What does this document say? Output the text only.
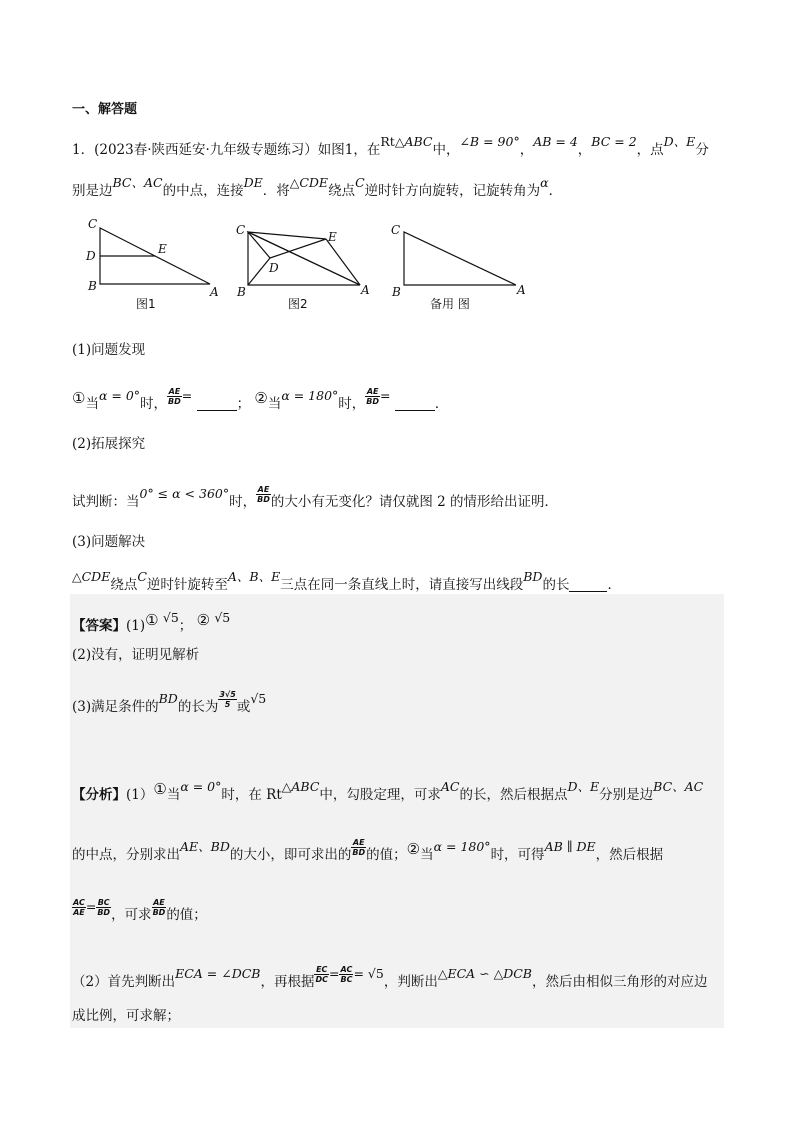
一、解答题
1．(2023春·陕西延安·九年级专题练习）如图1，在Rt△ABC中，∠B = 90°，AB = 4，BC = 2，点D、E分
别是边BC、AC的中点，连接DE．将△CDE绕点C逆时针方向旋转，记旋转角为α．
C
D	E
B	A
图1
C
D
E
B	A
图2
C
B	A
备用 图
(1)问题发现
①当α = 0°时， $\frac{AE}{BD}$ = ； ②当α = 180°时， $\frac{AE}{BD}$ = ．
(2)拓展探究
试判断：当0° ≤ α < 360°时， $\frac{AE}{BD}$ 的大小有无变化？请仅就图 2 的情形给出证明．
(3)问题解决
△CDE绕点C逆时针旋转至A、B、E三点在同一条直线上时，请直接写出线段BD的长	．
【答案】(1)① √5； ② √5
(2)没有，证明见解析
(3)满足条件的BD的长为 $\frac{3√5}{5}$ 或√5
【分析】(1）①当α = 0°时，在 Rt△ABC中，勾股定理，可求AC的长，然后根据点D、E分别是边BC、AC
的中点，分别求出AE、BD的大小，即可求出的 $\frac{AE}{BD}$ 的值；②当α = 180°时，可得AB ∥ DE，然后根据
$\frac{AC}{AE} = \frac{BC}{BD}$ ，可求 $\frac{AE}{BD}$ 的值；
（2）首先判断出ECA = ∠DCB，再根据 $\frac{EC}{DC} = \frac{AC}{BC} = √5$，判断出△ECA ∽ △DCB，然后由相似三角形的对应边
成比例，可求解；
